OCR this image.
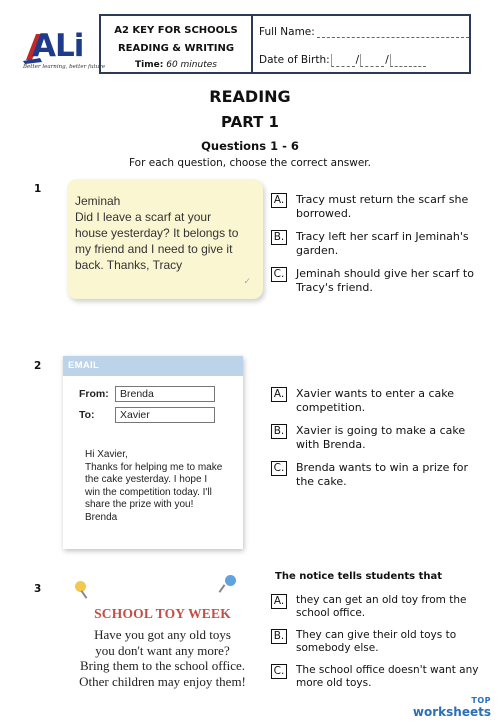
ALi
Better learning, better future
A2 KEY FOR SCHOOLS
READING & WRITING
Time: 60 minutes
Full Name:
Date of Birth: / /
READING
PART 1
Questions 1 - 6
For each question, choose the correct answer.
1
Jeminah
Did I leave a scarf at your
house yesterday? It belongs to
my friend and I need to give it
back. Thanks, Tracy
✓
A. Tracy must return the scarf she borrowed.
B. Tracy left her scarf in Jeminah's garden.
C. Jeminah should give her scarf to Tracy's friend.
2	EMAIL
From:	Brenda
To:	Xavier
Hi Xavier,
Thanks for helping me to make
the cake yesterday. I hope I
win the competition today. I'll
share the prize with you!
Brenda
A. Xavier wants to enter a cake competition.
B. Xavier is going to make a cake with Brenda.
C. Brenda wants to win a prize for the cake.
3
SCHOOL TOY WEEK
Have you got any old toys
you don't want any more?
Bring them to the school office.
Other children may enjoy them!
The notice tells students that
A. they can get an old toy from the school office.
B. They can give their old toys to somebody else.
C. The school office doesn't want any more old toys.
TOP
worksheets
